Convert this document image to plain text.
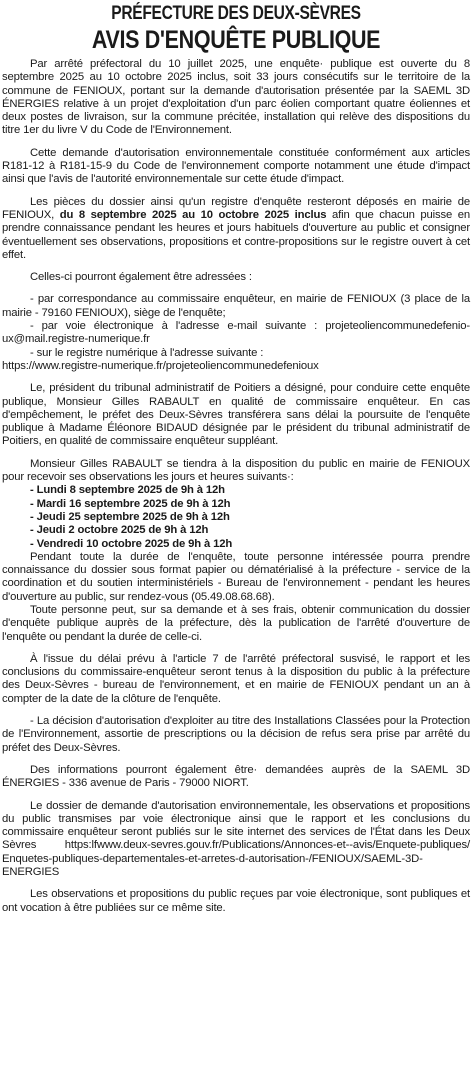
PRÉFECTURE DES DEUX-SÈVRES
AVIS D'ENQUÊTE PUBLIQUE

Par arrêté préfectoral du 10 juillet 2025, une enquête· publique est ouverte du 8 septembre 2025 au 10 octobre 2025 inclus, soit 33 jours consécutifs sur le territoire de la commune de FENIOUX, portant sur la demande d'autorisation présentée par la SAEML 3D ÉNERGIES relative à un projet d'exploitation d'un parc éolien comportant quatre éoliennes et deux postes de livraison, sur la commune précitée, installation qui relève des dispositions du titre 1er du livre V du Code de l'Environnement.

Cette demande d'autorisation environnementale constituée conformément aux articles R181-12 à R181-15-9 du Code de l'environnement comporte notamment une étude d'impact ainsi que l'avis de l'autorité environnementale sur cette étude d'impact.

Les pièces du dossier ainsi qu'un registre d'enquête resteront déposés en mairie de FENIOUX, du 8 septembre 2025 au 10 octobre 2025 inclus afin que chacun puisse en prendre connaissance pendant les heures et jours habituels d'ouverture au public et consigner éventuellement ses observations, propositions et contre-propositions sur le registre ouvert à cet effet.

Celles-ci pourront également être adressées :

- par correspondance au commissaire enquêteur, en mairie de FENIOUX (3 place de la mairie - 79160 FENIOUX), siège de l'enquête;
- par voie électronique à l'adresse e-mail suivante : projeteoliencommunedefenio-ux@mail.registre-numerique.fr
- sur le registre numérique à l'adresse suivante :
https://www.registre-numerique.fr/projeteoliencommunedefenioux

Le, président du tribunal administratif de Poitiers a désigné, pour conduire cette enquête publique, Monsieur Gilles RABAULT en qualité de commissaire enquêteur. En cas d'empêchement, le préfet des Deux-Sèvres transférera sans délai la poursuite de l'enquête publique à Madame Éléonore BIDAUD désignée par le président du tribunal administratif de Poitiers, en qualité de commissaire enquêteur suppléant.

Monsieur Gilles RABAULT se tiendra à la disposition du public en mairie de FENIOUX pour recevoir ses observations les jours et heures suivants·:

- Lundi 8 septembre 2025 de 9h à 12h
- Mardi 16 septembre 2025 de 9h à 12h
- Jeudi 25 septembre 2025 de 9h à 12h
- Jeudi 2 octobre 2025 de 9h à 12h
- Vendredi 10 octobre 2025 de 9h à 12h

Pendant toute la durée de l'enquête, toute personne intéressée pourra prendre connaissance du dossier sous format papier ou dématérialisé à la préfecture - service de la coordination et du soutien interministériels - Bureau de l'environnement - pendant les heures d'ouverture au public, sur rendez-vous (05.49.08.68.68).

Toute personne peut, sur sa demande et à ses frais, obtenir communication du dossier d'enquête publique auprès de la préfecture, dès la publication de l'arrêté d'ouverture de l'enquête ou pendant la durée de celle-ci.

À l'issue du délai prévu à l'article 7 de l'arrêté préfectoral susvisé, le rapport et les conclusions du commissaire-enquêteur seront tenus à la disposition du public à la préfecture des Deux-Sèvres - bureau de l'environnement, et en mairie de FENIOUX pendant un an à compter de la date de la clôture de l'enquête.

- La décision d'autorisation d'exploiter au titre des Installations Classées pour la Protection de l'Environnement, assortie de prescriptions ou la décision de refus sera prise par arrêté du préfet des Deux-Sèvres.

Des informations pourront également être· demandées auprès de la SAEML 3D ÉNERGIES - 336 avenue de Paris - 79000 NIORT.

Le dossier de demande d'autorisation environnementale, les observations et propositions du public transmises par voie électronique ainsi que le rapport et les conclusions du commissaire enquêteur seront publiés sur le site internet des services de l'État dans les Deux Sèvres https:lfwww.deux-sevres.gouv.fr/Publications/Annonces-et--avis/Enquete-publiques/ Enquetes-publiques-departementales-et-arretes-d-autorisation-/FENIOUX/SAEML-3D-ENERGIES

Les observations et propositions du public reçues par voie électronique, sont publiques et ont vocation à être publiées sur ce même site.
